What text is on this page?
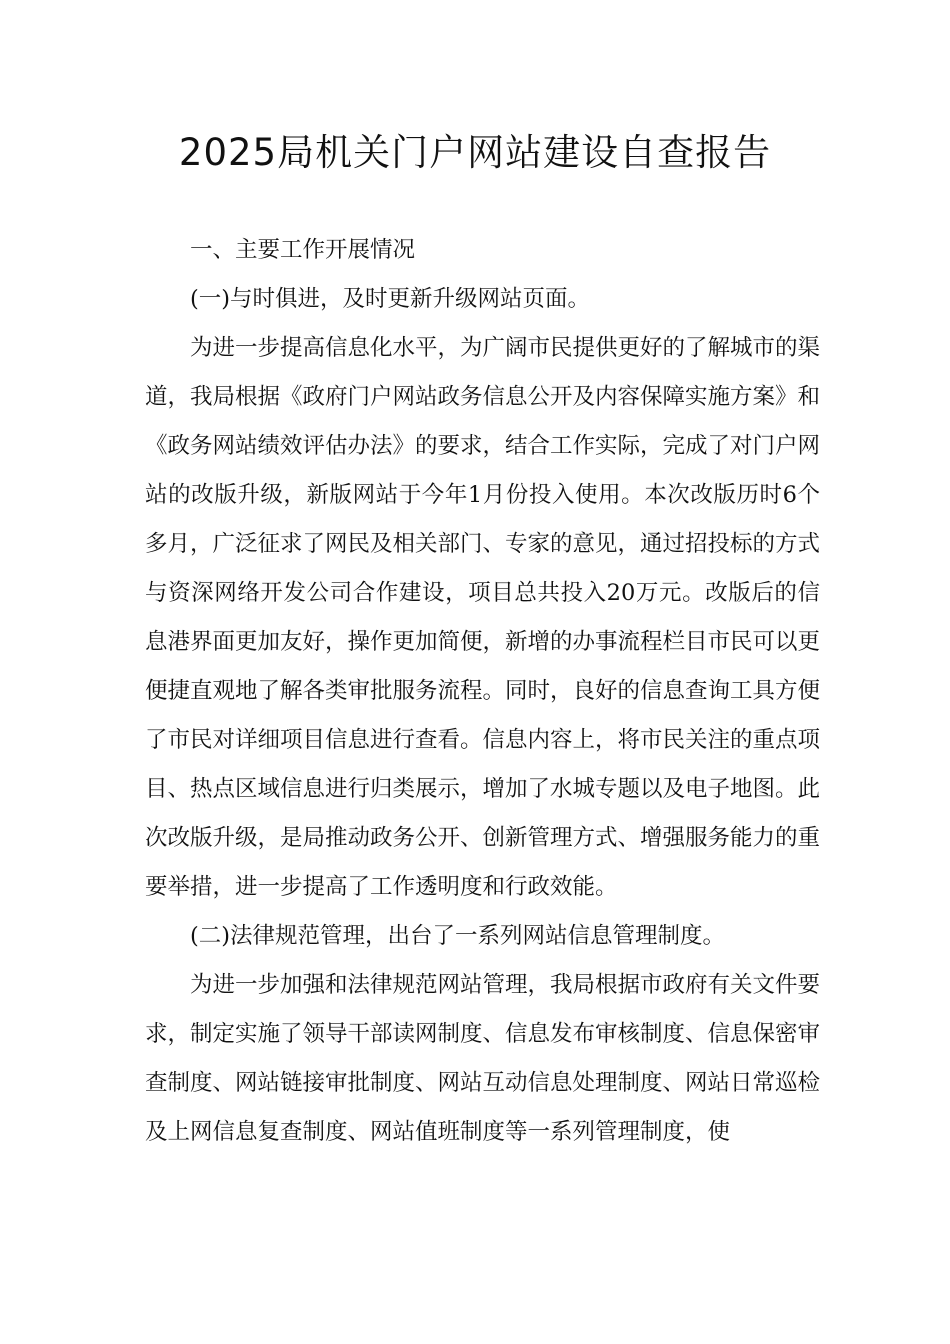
2025局机关门户网站建设自查报告

一、主要工作开展情况

(一)与时俱进，及时更新升级网站页面。

为进一步提高信息化水平，为广阔市民提供更好的了解城市的渠道，我局根据《政府门户网站政务信息公开及内容保障实施方案》和《政务网站绩效评估办法》的要求，结合工作实际，完成了对门户网站的改版升级，新版网站于今年1月份投入使用。本次改版历时6个多月，广泛征求了网民及相关部门、专家的意见，通过招投标的方式与资深网络开发公司合作建设，项目总共投入20万元。改版后的信息港界面更加友好，操作更加简便，新增的办事流程栏目市民可以更便捷直观地了解各类审批服务流程。同时，良好的信息查询工具方便了市民对详细项目信息进行查看。信息内容上，将市民关注的重点项目、热点区域信息进行归类展示，增加了水城专题以及电子地图。此次改版升级，是局推动政务公开、创新管理方式、增强服务能力的重要举措，进一步提高了工作透明度和行政效能。

(二)法律规范管理，出台了一系列网站信息管理制度。

为进一步加强和法律规范网站管理，我局根据市政府有关文件要求，制定实施了领导干部读网制度、信息发布审核制度、信息保密审查制度、网站链接审批制度、网站互动信息处理制度、网站日常巡检及上网信息复查制度、网站值班制度等一系列管理制度，使
